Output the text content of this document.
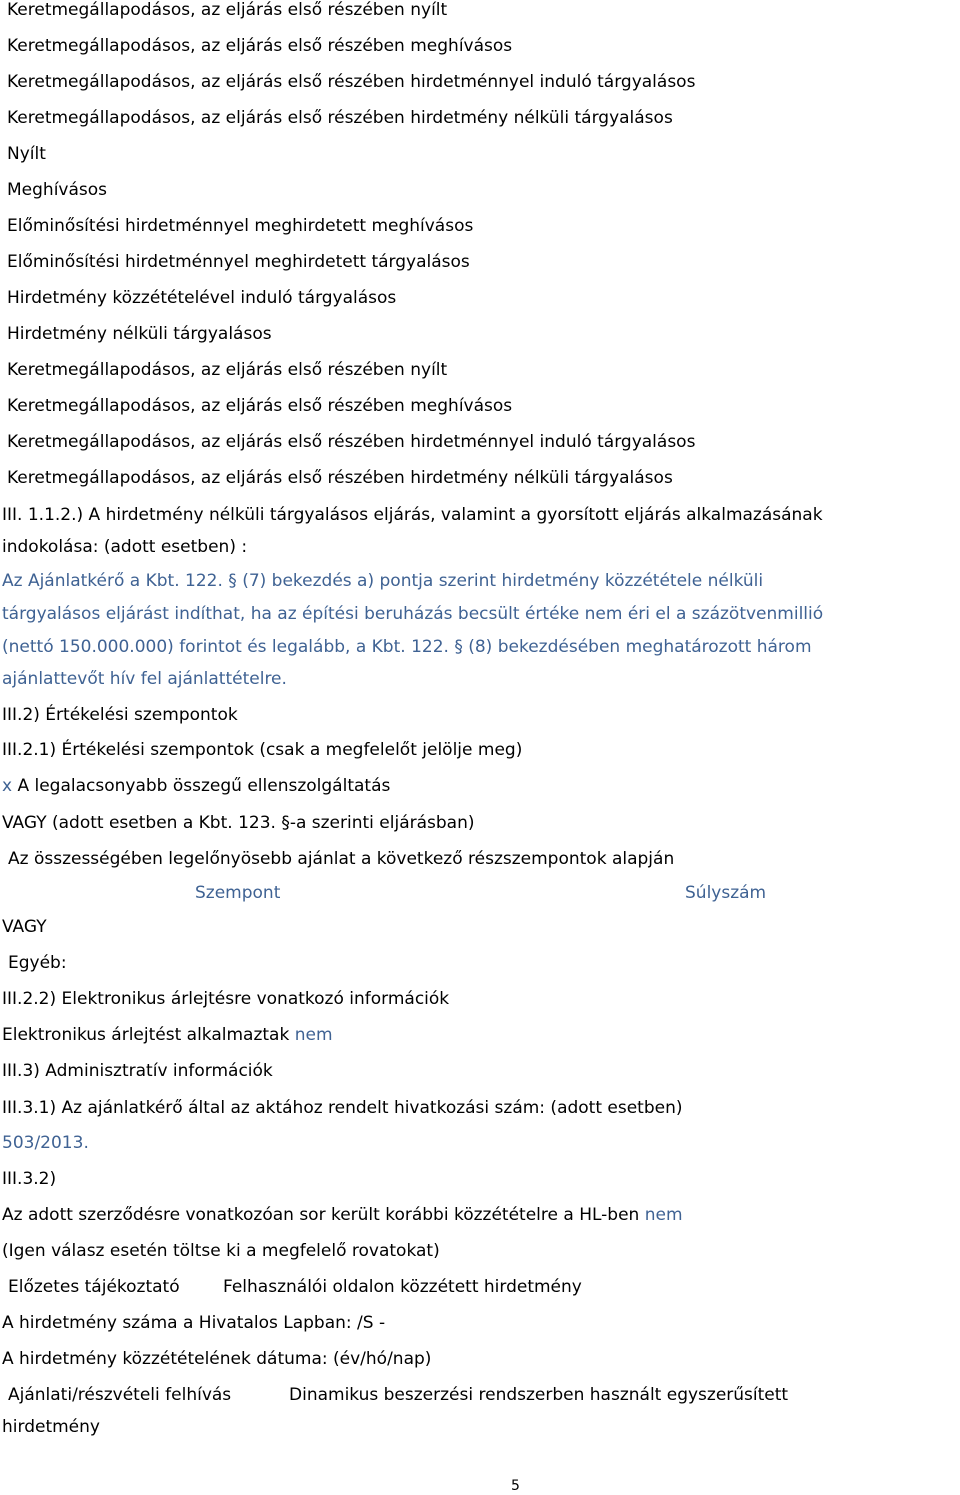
Keretmegállapodásos, az eljárás első részében nyílt
Keretmegállapodásos, az eljárás első részében meghívásos
Keretmegállapodásos, az eljárás első részében hirdetménnyel induló tárgyalásos
Keretmegállapodásos, az eljárás első részében hirdetmény nélküli tárgyalásos
Nyílt
Meghívásos
Előminősítési hirdetménnyel meghirdetett meghívásos
Előminősítési hirdetménnyel meghirdetett tárgyalásos
Hirdetmény közzétételével induló tárgyalásos
Hirdetmény nélküli tárgyalásos
Keretmegállapodásos, az eljárás első részében nyílt
Keretmegállapodásos, az eljárás első részében meghívásos
Keretmegállapodásos, az eljárás első részében hirdetménnyel induló tárgyalásos
Keretmegállapodásos, az eljárás első részében hirdetmény nélküli tárgyalásos
III. 1.1.2.) A hirdetmény nélküli tárgyalásos eljárás, valamint a gyorsított eljárás alkalmazásának
indokolása: (adott esetben) :
Az Ajánlatkérő a Kbt. 122. § (7) bekezdés a) pontja szerint hirdetmény közzététele nélküli
tárgyalásos eljárást indíthat, ha az építési beruházás becsült értéke nem éri el a százötvenmillió
(nettó 150.000.000) forintot és legalább, a Kbt. 122. § (8) bekezdésében meghatározott három
ajánlattevőt hív fel ajánlattételre.
III.2) Értékelési szempontok
III.2.1) Értékelési szempontok (csak a megfelelőt jelölje meg)
x A legalacsonyabb összegű ellenszolgáltatás
VAGY (adott esetben a Kbt. 123. §-a szerinti eljárásban)
Az összességében legelőnyösebb ajánlat a következő részszempontok alapján
Szempont	Súlyszám
VAGY
Egyéb:
III.2.2) Elektronikus árlejtésre vonatkozó információk
Elektronikus árlejtést alkalmaztak nem
III.3) Adminisztratív információk
III.3.1) Az ajánlatkérő által az aktához rendelt hivatkozási szám: (adott esetben)
503/2013.
III.3.2)
Az adott szerződésre vonatkozóan sor került korábbi közzétételre a HL-ben nem
(Igen válasz esetén töltse ki a megfelelő rovatokat)
Előzetes tájékoztató	Felhasználói oldalon közzétett hirdetmény
A hirdetmény száma a Hivatalos Lapban: /S -
A hirdetmény közzétételének dátuma: (év/hó/nap)
Ajánlati/részvételi felhívás	Dinamikus beszerzési rendszerben használt egyszerűsített
hirdetmény
5
